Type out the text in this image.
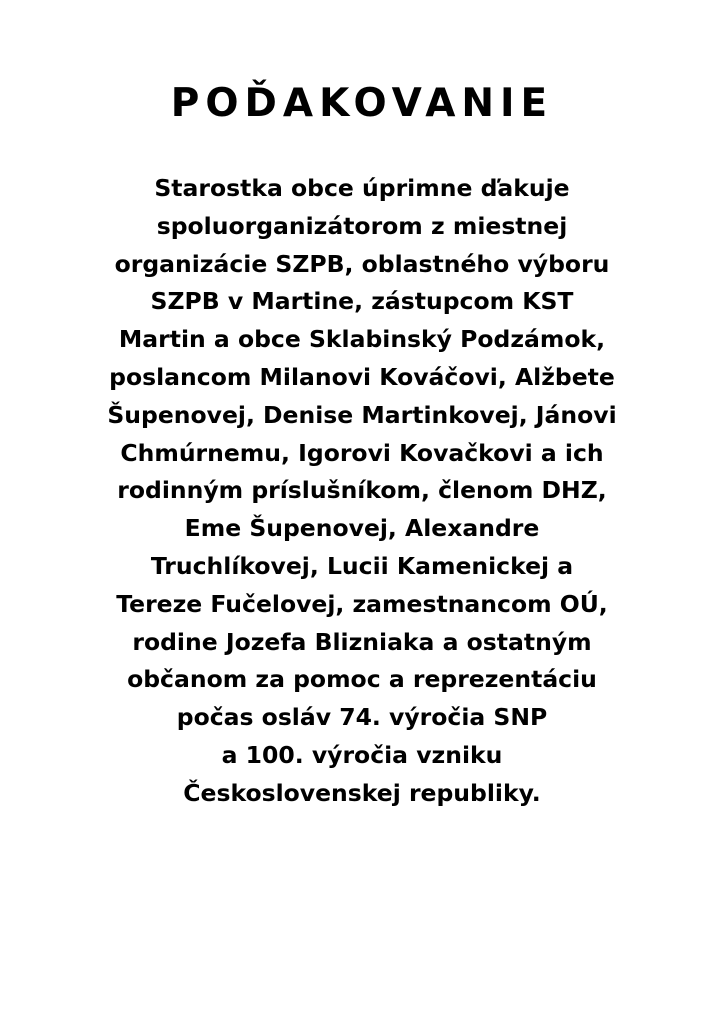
POĎAKOVANIE
Starostka obce úprimne ďakuje
spoluorganizátorom z miestnej
organizácie SZPB, oblastného výboru
SZPB v Martine, zástupcom KST
Martin a obce Sklabinský Podzámok,
poslancom Milanovi Kováčovi, Alžbete
Šupenovej, Denise Martinkovej, Jánovi
Chmúrnemu, Igorovi Kovačkovi a ich
rodinným príslušníkom, členom DHZ,
Eme Šupenovej, Alexandre
Truchlíkovej, Lucii Kamenickej a
Tereze Fučelovej, zamestnancom OÚ,
rodine Jozefa Blizniaka a ostatným
občanom za pomoc a reprezentáciu
počas osláv 74. výročia SNP
a 100. výročia vzniku
Československej republiky.
